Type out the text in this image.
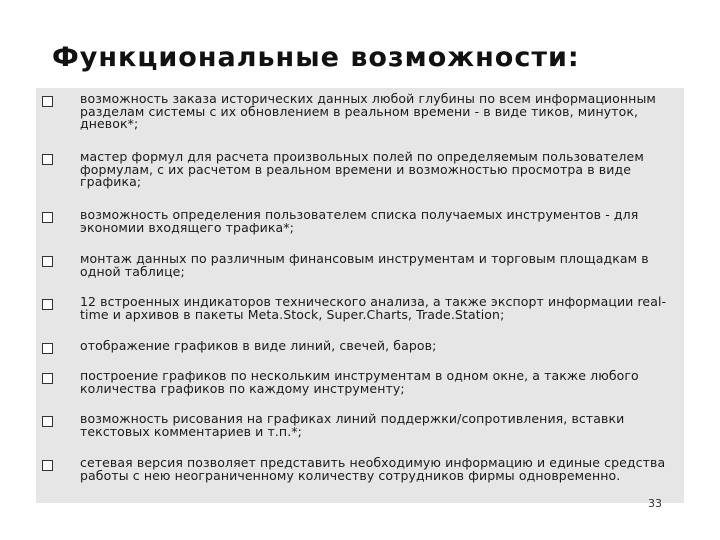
Функциональные возможности:

возможность заказа исторических данных любой глубины по всем информационным разделам системы с их обновлением в реальном времени - в виде тиков, минуток, дневок*;

мастер формул для расчета произвольных полей по определяемым пользователем формулам, с их расчетом в реальном времени и возможностью просмотра в виде графика;

возможность определения пользователем списка получаемых инструментов - для экономии входящего трафика*;

монтаж данных по различным финансовым инструментам и торговым площадкам в одной таблице;

12 встроенных индикаторов технического анализа, а также экспорт информации real-time и архивов в пакеты Meta.Stock, Super.Charts, Trade.Station;

отображение графиков в виде линий, свечей, баров;

построение графиков по нескольким инструментам в одном окне, а также любого количества графиков по каждому инструменту;

возможность рисования на графиках линий поддержки/сопротивления, вставки текстовых комментариев и т.п.*;

сетевая версия позволяет представить необходимую информацию и единые средства работы с нею неограниченному количеству сотрудников фирмы одновременно.

33
